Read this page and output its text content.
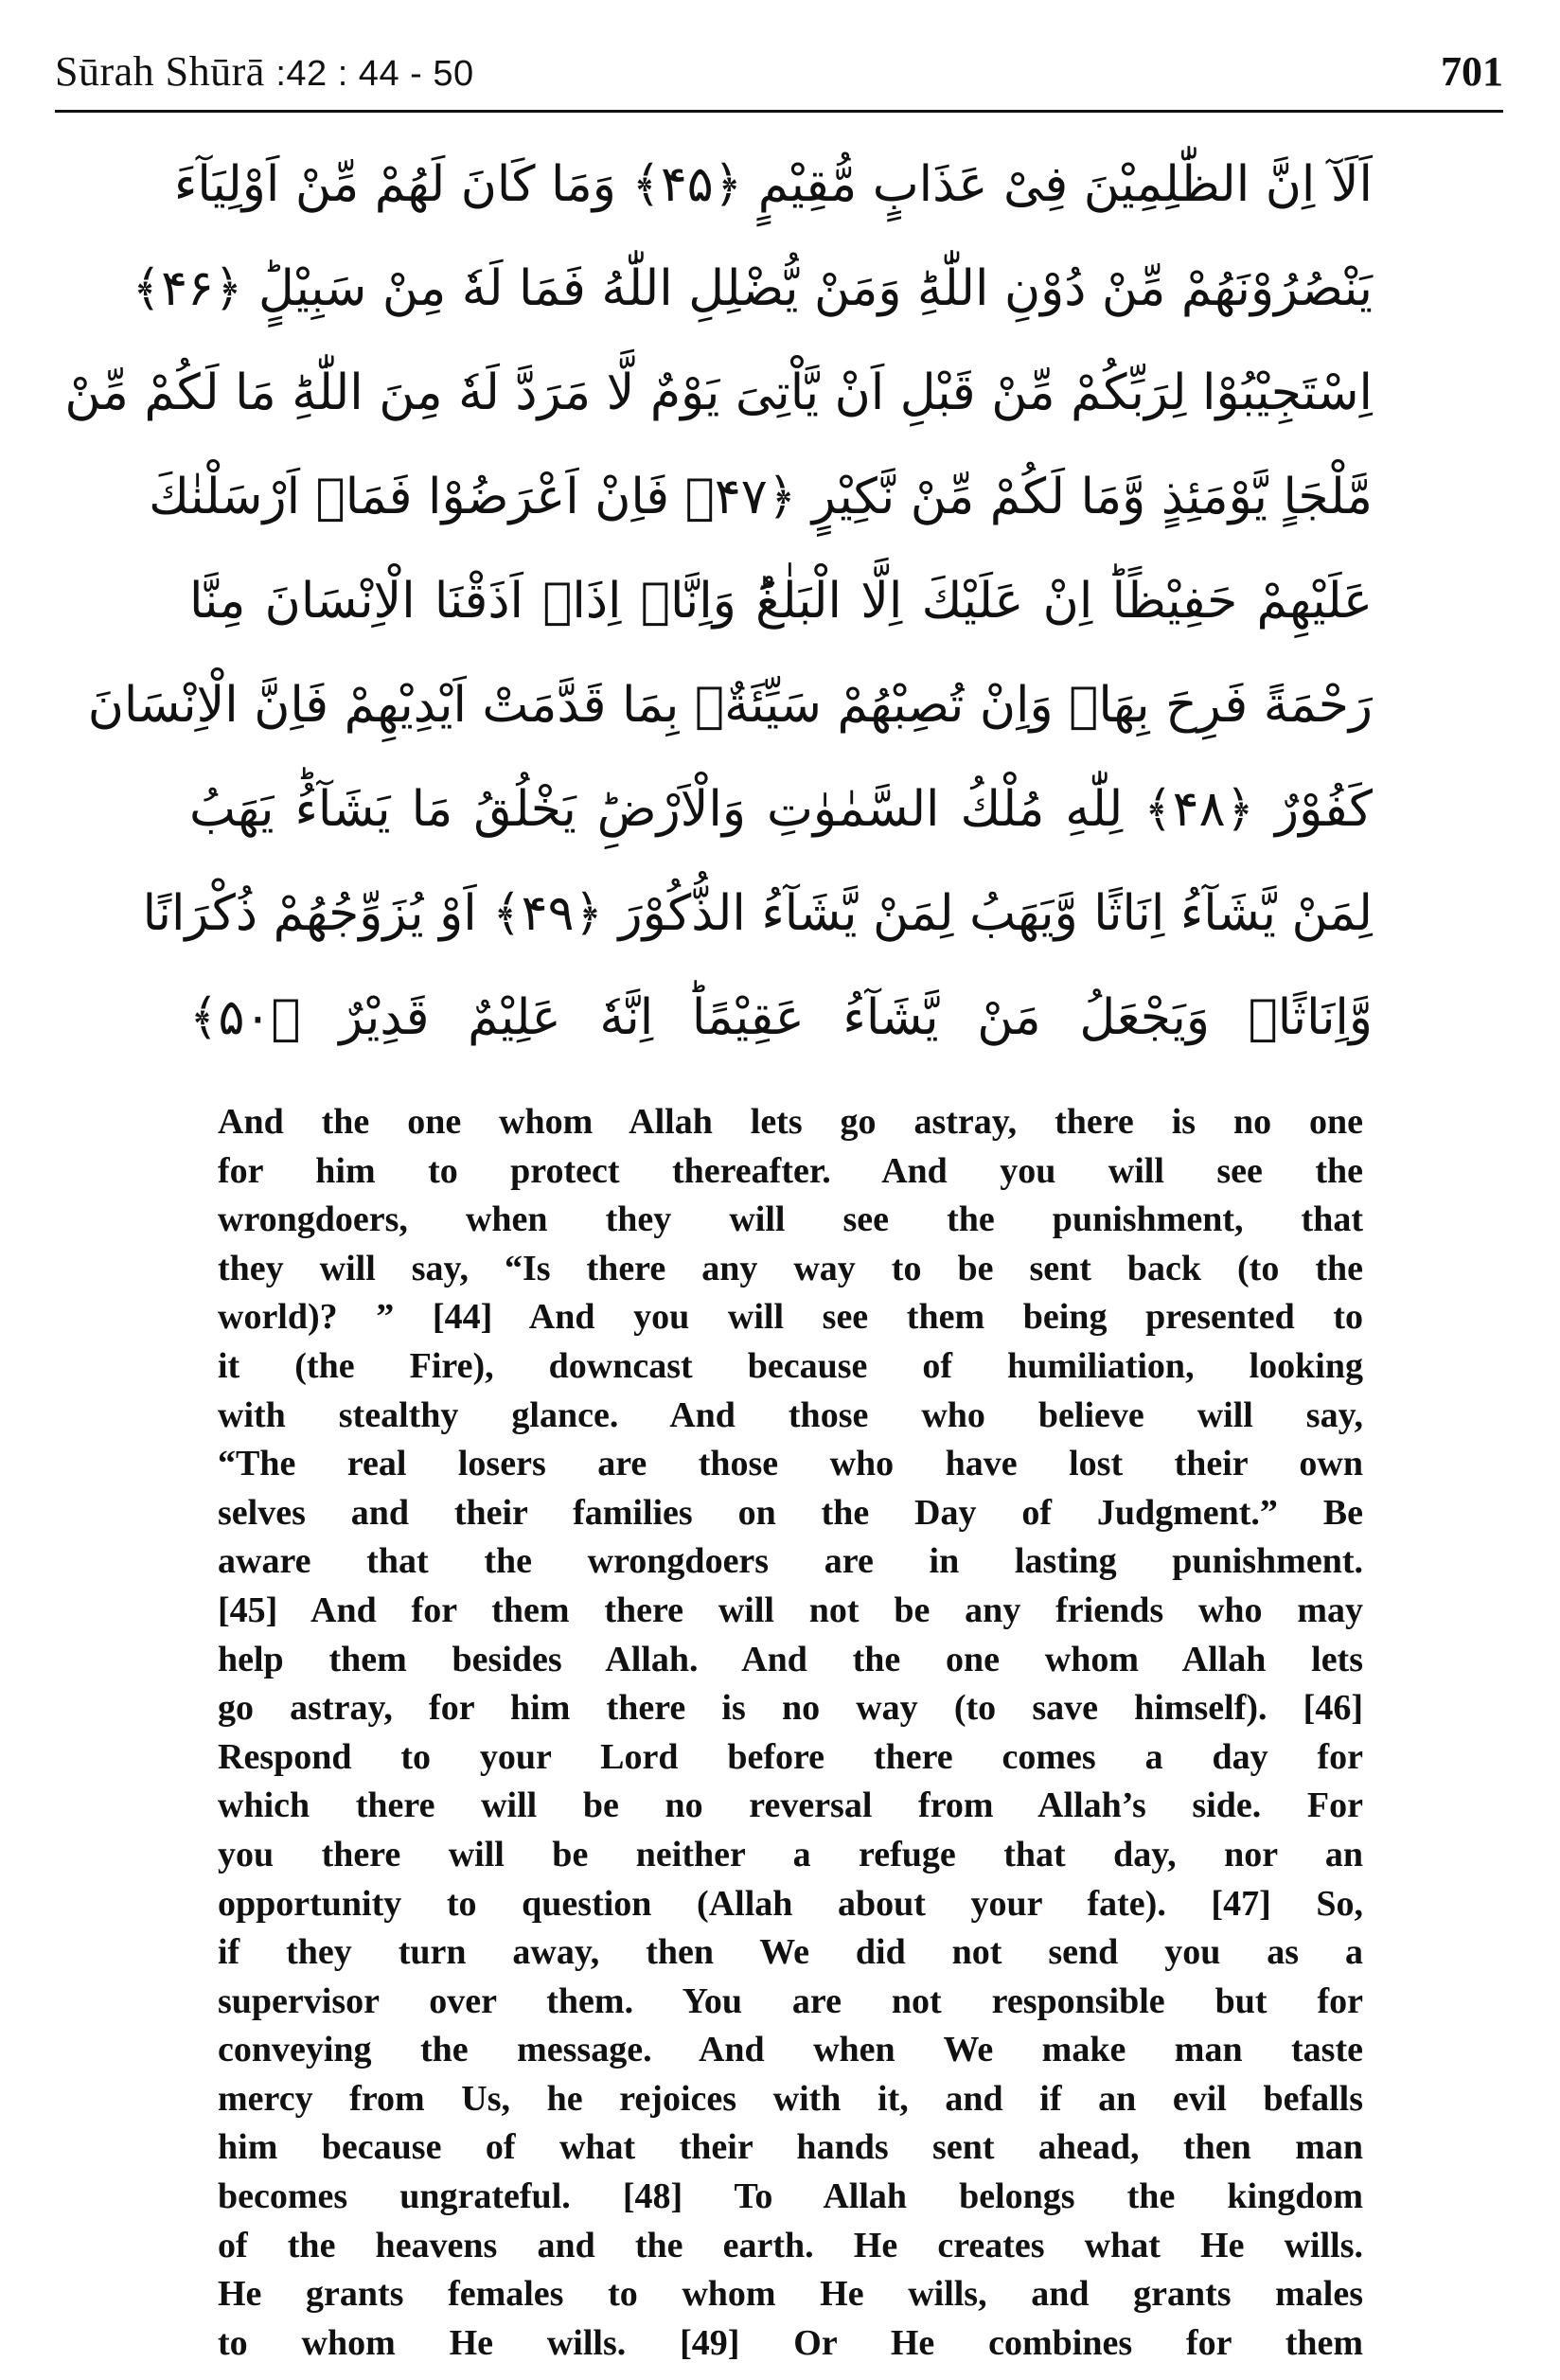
Sūrah Shūrā :42 : 44 - 50	701
اَلَآ اِنَّ الظّٰلِمِیْنَ فِیْ عَذَابٍ مُّقِیْمٍ ﴿۴۵﴾ وَمَا كَانَ لَهُمْ مِّنْ اَوْلِیَآءَ
یَنْصُرُوْنَهُمْ مِّنْ دُوْنِ اللّٰهِؕ وَمَنْ یُّضْلِلِ اللّٰهُ فَمَا لَهٗ مِنْ سَبِیْلٍؕ ﴿۴۶﴾
اِسْتَجِیْبُوْا لِرَبِّكُمْ مِّنْ قَبْلِ اَنْ یَّاْتِیَ یَوْمٌ لَّا مَرَدَّ لَهٗ مِنَ اللّٰهِؕ مَا لَكُمْ مِّنْ
مَّلْجَاٍ یَّوْمَئِذٍ وَّمَا لَكُمْ مِّنْ نَّكِیْرٍ ﴿۴۷﴾ فَاِنْ اَعْرَضُوْا فَمَاۤ اَرْسَلْنٰكَ
عَلَیْهِمْ حَفِیْظًاؕ اِنْ عَلَیْكَ اِلَّا الْبَلٰغُؕ وَاِنَّاۤ اِذَاۤ اَذَقْنَا الْاِنْسَانَ مِنَّا
رَحْمَةً فَرِحَ بِهَاۚ وَاِنْ تُصِبْهُمْ سَیِّئَةٌۢ بِمَا قَدَّمَتْ اَیْدِیْهِمْ فَاِنَّ الْاِنْسَانَ
كَفُوْرٌ ﴿۴۸﴾ لِلّٰهِ مُلْكُ السَّمٰوٰتِ وَالْاَرْضِؕ یَخْلُقُ مَا یَشَآءُؕ یَهَبُ
لِمَنْ یَّشَآءُ اِنَاثًا وَّیَهَبُ لِمَنْ یَّشَآءُ الذُّكُوْرَ ﴿۴۹﴾ اَوْ یُزَوِّجُهُمْ ذُكْرَانًا
وَّاِنَاثًاۚ وَیَجْعَلُ مَنْ یَّشَآءُ عَقِیْمًاؕ اِنَّهٗ عَلِیْمٌ قَدِیْرٌ ﴿۵۰﴾
And the one whom Allah lets go astray, there is no one
for him to protect thereafter. And you will see the
wrongdoers, when they will see the punishment, that
they will say, “Is there any way to be sent back (to the
world)? ” [44] And you will see them being presented to
it (the Fire), downcast because of humiliation, looking
with stealthy glance. And those who believe will say,
“The real losers are those who have lost their own
selves and their families on the Day of Judgment.” Be
aware that the wrongdoers are in lasting punishment.
[45] And for them there will not be any friends who may
help them besides Allah. And the one whom Allah lets
go astray, for him there is no way (to save himself). [46]
Respond to your Lord before there comes a day for
which there will be no reversal from Allah’s side. For
you there will be neither a refuge that day, nor an
opportunity to question (Allah about your fate). [47] So,
if they turn away, then We did not send you as a
supervisor over them. You are not responsible but for
conveying the message. And when We make man taste
mercy from Us, he rejoices with it, and if an evil befalls
him because of what their hands sent ahead, then man
becomes ungrateful. [48] To Allah belongs the kingdom
of the heavens and the earth. He creates what He wills.
He grants females to whom He wills, and grants males
to whom He wills. [49] Or He combines for them
